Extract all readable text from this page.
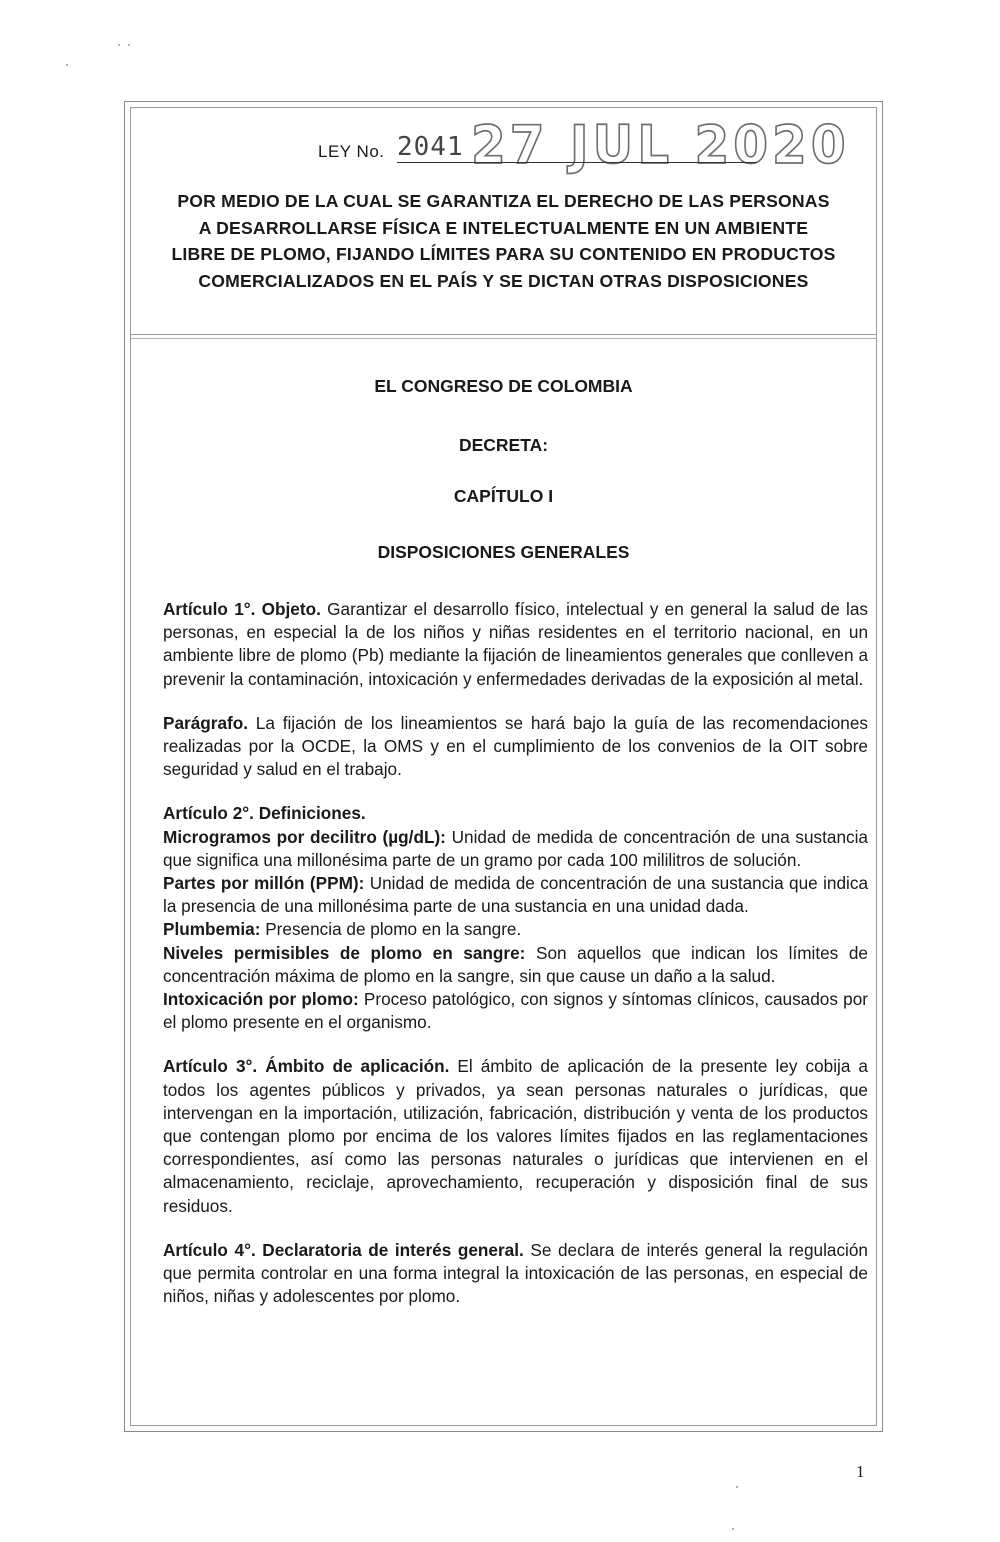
LEY No. 2041 27 JUL 2020
POR MEDIO DE LA CUAL SE GARANTIZA EL DERECHO DE LAS PERSONAS A DESARROLLARSE FÍSICA E INTELECTUALMENTE EN UN AMBIENTE LIBRE DE PLOMO, FIJANDO LÍMITES PARA SU CONTENIDO EN PRODUCTOS COMERCIALIZADOS EN EL PAÍS Y SE DICTAN OTRAS DISPOSICIONES
EL CONGRESO DE COLOMBIA
DECRETA:
CAPÍTULO I
DISPOSICIONES GENERALES

Artículo 1°. Objeto. Garantizar el desarrollo físico, intelectual y en general la salud de las personas, en especial la de los niños y niñas residentes en el territorio nacional, en un ambiente libre de plomo (Pb) mediante la fijación de lineamientos generales que conlleven a prevenir la contaminación, intoxicación y enfermedades derivadas de la exposición al metal.

Parágrafo. La fijación de los lineamientos se hará bajo la guía de las recomendaciones realizadas por la OCDE, la OMS y en el cumplimiento de los convenios de la OIT sobre seguridad y salud en el trabajo.

Artículo 2°. Definiciones.

Microgramos por decilitro (µg/dL): Unidad de medida de concentración de una sustancia que significa una millonésima parte de un gramo por cada 100 mililitros de solución.

Partes por millón (PPM): Unidad de medida de concentración de una sustancia que indica la presencia de una millonésima parte de una sustancia en una unidad dada.

Plumbemia: Presencia de plomo en la sangre.

Niveles permisibles de plomo en sangre: Son aquellos que indican los límites de concentración máxima de plomo en la sangre, sin que cause un daño a la salud.

Intoxicación por plomo: Proceso patológico, con signos y síntomas clínicos, causados por el plomo presente en el organismo.

Artículo 3°. Ámbito de aplicación. El ámbito de aplicación de la presente ley cobija a todos los agentes públicos y privados, ya sean personas naturales o jurídicas, que intervengan en la importación, utilización, fabricación, distribución y venta de los productos que contengan plomo por encima de los valores límites fijados en las reglamentaciones correspondientes, así como las personas naturales o jurídicas que intervienen en el almacenamiento, reciclaje, aprovechamiento, recuperación y disposición final de sus residuos.

Artículo 4°. Declaratoria de interés general. Se declara de interés general la regulación que permita controlar en una forma integral la intoxicación de las personas, en especial de niños, niñas y adolescentes por plomo.

1
